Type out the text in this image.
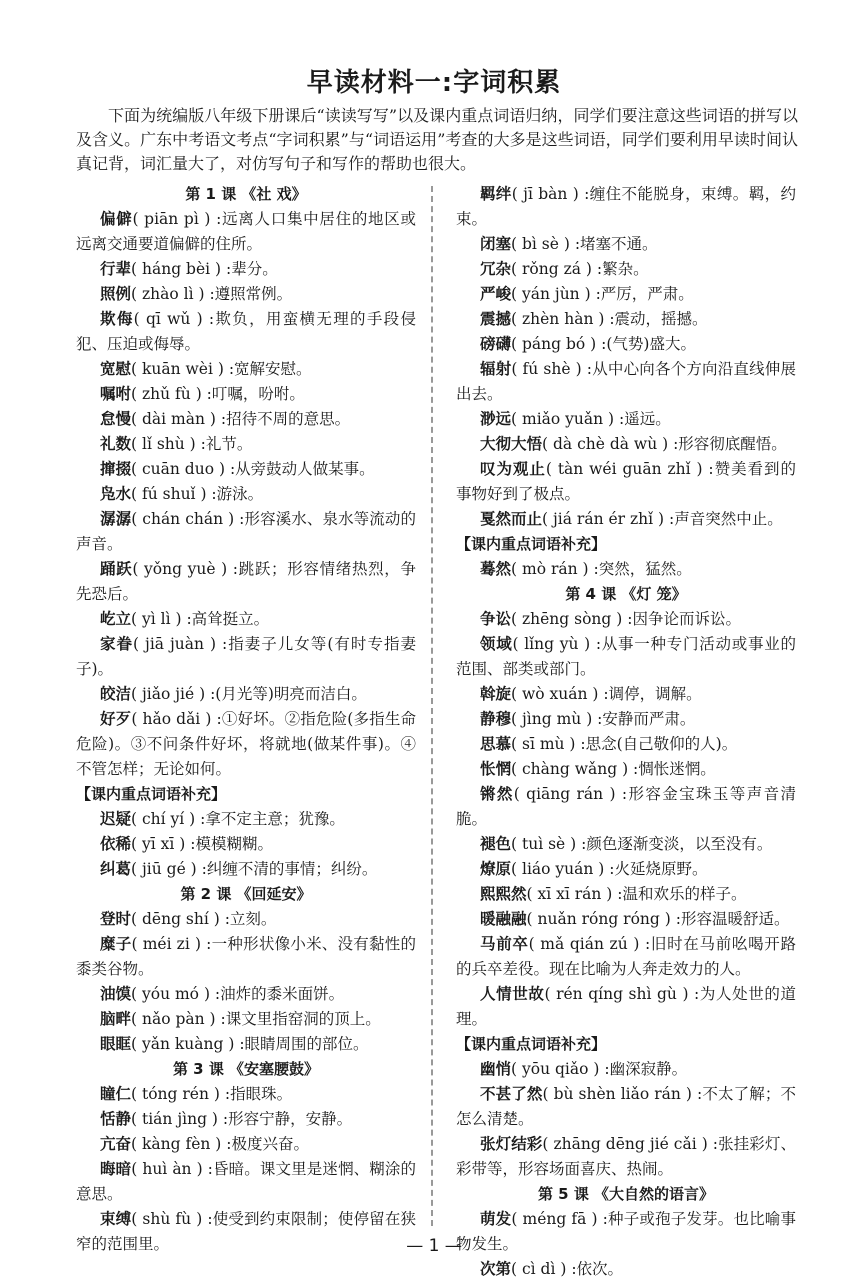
早读材料一:字词积累

下面为统编版八年级下册课后“读读写写”以及课内重点词语归纳，同学们要注意这些词语的拼写以及含义。广东中考语文考点“字词积累”与“词语运用”考查的大多是这些词语，同学们要利用早读时间认真记背，词汇量大了，对仿写句子和写作的帮助也很大。

第 1 课 《社 戏》

偏僻( piān pì ) :远离人口集中居住的地区或远离交通要道偏僻的住所。

行辈( háng bèi ) :辈分。

照例( zhào lì ) :遵照常例。

欺侮( qī wǔ ) :欺负，用蛮横无理的手段侵犯、压迫或侮辱。

宽慰( kuān wèi ) :宽解安慰。

嘱咐( zhǔ fù ) :叮嘱，吩咐。

怠慢( dài màn ) :招待不周的意思。

礼数( lǐ shù ) :礼节。

撺掇( cuān duo ) :从旁鼓动人做某事。

凫水( fú shuǐ ) :游泳。

潺潺( chán chán ) :形容溪水、泉水等流动的声音。

踊跃( yǒng yuè ) :跳跃；形容情绪热烈，争先恐后。

屹立( yì lì ) :高耸挺立。

家眷( jiā juàn ) :指妻子儿女等(有时专指妻子)。

皎洁( jiǎo jié ) :(月光等)明亮而洁白。

好歹( hǎo dǎi ) :①好坏。②指危险(多指生命危险)。③不问条件好坏，将就地(做某件事)。④不管怎样；无论如何。

【课内重点词语补充】

迟疑( chí yí ) :拿不定主意；犹豫。

依稀( yī xī ) :模模糊糊。

纠葛( jiū gé ) :纠缠不清的事情；纠纷。

第 2 课 《回延安》

登时( dēng shí ) :立刻。

糜子( méi zi ) :一种形状像小米、没有黏性的黍类谷物。

油馍( yóu mó ) :油炸的黍米面饼。

脑畔( nǎo pàn ) :课文里指窑洞的顶上。

眼眶( yǎn kuàng ) :眼睛周围的部位。

第 3 课 《安塞腰鼓》

瞳仁( tóng rén ) :指眼珠。

恬静( tián jìng ) :形容宁静，安静。

亢奋( kàng fèn ) :极度兴奋。

晦暗( huì àn ) :昏暗。课文里是迷惘、糊涂的意思。

束缚( shù fù ) :使受到约束限制；使停留在狭窄的范围里。

羁绊( jī bàn ) :缠住不能脱身，束缚。羁，约束。

闭塞( bì sè ) :堵塞不通。

冗杂( rǒng zá ) :繁杂。

严峻( yán jùn ) :严厉，严肃。

震撼( zhèn hàn ) :震动，摇撼。

磅礴( páng bó ) :(气势)盛大。

辐射( fú shè ) :从中心向各个方向沿直线伸展出去。

渺远( miǎo yuǎn ) :遥远。

大彻大悟( dà chè dà wù ) :形容彻底醒悟。

叹为观止( tàn wéi guān zhǐ ) :赞美看到的事物好到了极点。

戛然而止( jiá rán ér zhǐ ) :声音突然中止。

【课内重点词语补充】

蓦然( mò rán ) :突然，猛然。

第 4 课 《灯 笼》

争讼( zhēng sòng ) :因争论而诉讼。

领域( lǐng yù ) :从事一种专门活动或事业的范围、部类或部门。

斡旋( wò xuán ) :调停，调解。

静穆( jìng mù ) :安静而严肃。

思慕( sī mù ) :思念(自己敬仰的人)。

怅惘( chàng wǎng ) :惆怅迷惘。

锵然( qiāng rán ) :形容金宝珠玉等声音清脆。

褪色( tuì sè ) :颜色逐渐变淡，以至没有。

燎原( liáo yuán ) :火延烧原野。

熙熙然( xī xī rán ) :温和欢乐的样子。

暖融融( nuǎn róng róng ) :形容温暖舒适。

马前卒( mǎ qián zú ) :旧时在马前吆喝开路的兵卒差役。现在比喻为人奔走效力的人。

人情世故( rén qíng shì gù ) :为人处世的道理。

【课内重点词语补充】

幽悄( yōu qiǎo ) :幽深寂静。

不甚了然( bù shèn liǎo rán ) :不太了解；不怎么清楚。

张灯结彩( zhāng dēng jié cǎi ) :张挂彩灯、彩带等，形容场面喜庆、热闹。

第 5 课 《大自然的语言》

萌发( méng fā ) :种子或孢子发芽。也比喻事物发生。

次第( cì dì ) :依次。

— 1 —
